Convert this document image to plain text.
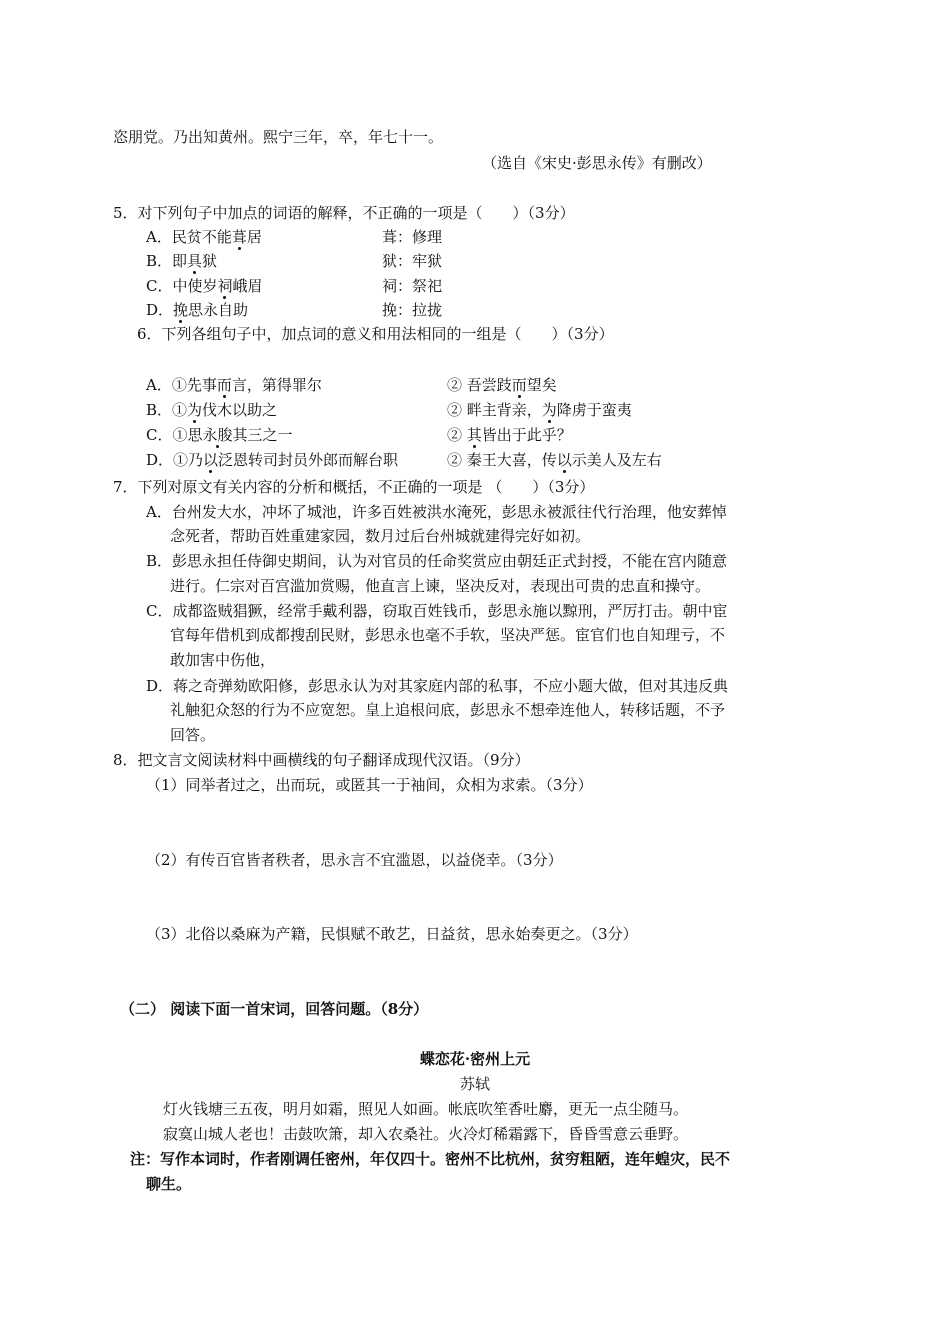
恣朋党。乃出知黄州。熙宁三年，卒，年七十一。
（选自《宋史·彭思永传》有删改）
5．对下列句子中加点的词语的解释，不正确的一项是（　　）（3分）
A．民贫不能葺居	葺：修理
B．即具狱	狱：牢狱
C．中使岁祠峨眉	祠：祭祀
D．挽思永自助	挽：拉拢
6．下列各组句子中，加点词的意义和用法相同的一组是（　　）（3分）
A．①先事而言，第得罪尔	② 吾尝跂而望矣
B．①为伐木以助之	② 畔主背亲，为降虏于蛮夷
C．①思永朘其三之一	② 其皆出于此乎？
D．①乃以泛恩转司封员外郎而解台职	② 秦王大喜，传以示美人及左右
7．下列对原文有关内容的分析和概括，不正确的一项是 （　　）（3分）
A．台州发大水，冲坏了城池，许多百姓被洪水淹死，彭思永被派往代行治理，他安葬悼
念死者，帮助百姓重建家园，数月过后台州城就建得完好如初。
B．彭思永担任侍御史期间，认为对官员的任命奖赏应由朝廷正式封授，不能在宫内随意
进行。仁宗对百宫滥加赏赐，他直言上谏，坚决反对，表现出可贵的忠直和操守。
C．成都盗贼猖獗，经常手戴利器，窃取百姓钱币，彭思永施以黥刑，严厉打击。朝中宦
官每年借机到成都搜刮民财，彭思永也毫不手软，坚决严惩。宦官们也自知理亏，不
敢加害中伤他，
D．蒋之奇弹劾欧阳修，彭思永认为对其家庭内部的私事，不应小题大做，但对其违反典
礼触犯众怒的行为不应宽恕。皇上追根问底，彭思永不想牵连他人，转移话题，不予
回答。
8．把文言文阅读材料中画横线的句子翻译成现代汉语。（9分）
（1）同举者过之，出而玩，或匿其一于袖间，众相为求索。（3分）
（2）有传百官皆者秩者，思永言不宜滥恩，以益侥幸。（3分）
（3）北俗以桑麻为产籍，民惧赋不敢艺，日益贫，思永始奏更之。（3分）
（二） 阅读下面一首宋词，回答问题。（8分）
蝶恋花·密州上元
苏轼
灯火钱塘三五夜，明月如霜，照见人如画。帐底吹笙香吐麝，更无一点尘随马。
寂寞山城人老也！击鼓吹箫，却入农桑社。火冷灯稀霜露下，昏昏雪意云垂野。
注：写作本词时，作者刚调任密州，年仅四十。密州不比杭州，贫穷粗陋，连年蝗灾，民不
聊生。
